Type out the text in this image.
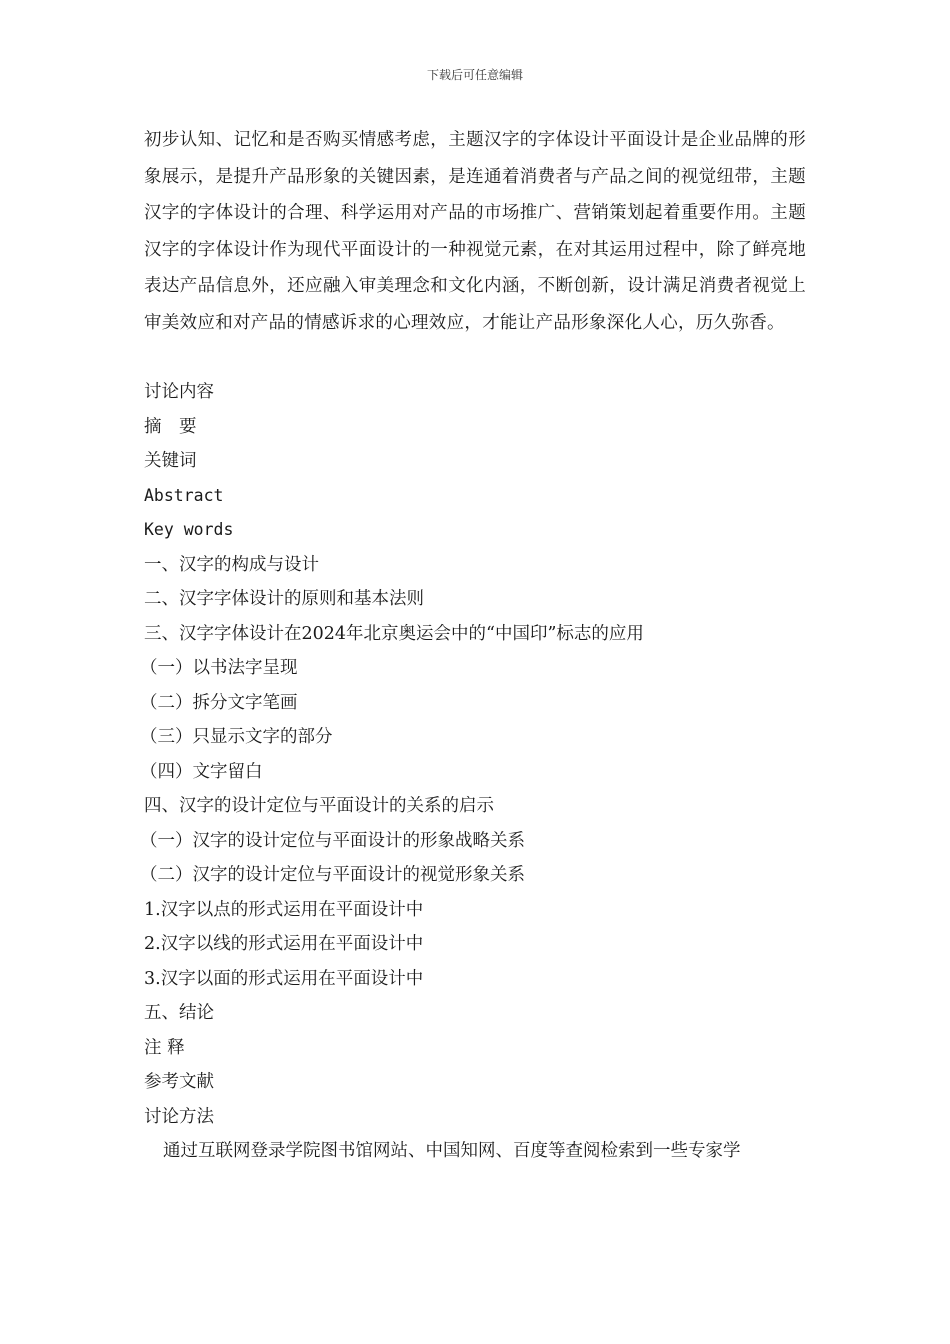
下载后可任意编辑

初步认知、记忆和是否购买情感考虑，主题汉字的字体设计平面设计是企业品牌的形象展示，是提升产品形象的关键因素，是连通着消费者与产品之间的视觉纽带，主题汉字的字体设计的合理、科学运用对产品的市场推广、营销策划起着重要作用。主题汉字的字体设计作为现代平面设计的一种视觉元素，在对其运用过程中，除了鲜亮地表达产品信息外，还应融入审美理念和文化内涵，不断创新，设计满足消费者视觉上审美效应和对产品的情感诉求的心理效应，才能让产品形象深化人心，历久弥香。

讨论内容
摘　要
关键词
Abstract
Key words
一、汉字的构成与设计
二、汉字字体设计的原则和基本法则
三、汉字字体设计在2024年北京奥运会中的“中国印”标志的应用
（一）以书法字呈现
（二）拆分文字笔画
（三）只显示文字的部分
（四）文字留白
四、汉字的设计定位与平面设计的关系的启示
（一）汉字的设计定位与平面设计的形象战略关系
（二）汉字的设计定位与平面设计的视觉形象关系
1.汉字以点的形式运用在平面设计中
2.汉字以线的形式运用在平面设计中
3.汉字以面的形式运用在平面设计中
五、结论
注 释
参考文献
讨论方法

通过互联网登录学院图书馆网站、中国知网、百度等查阅检索到一些专家学
